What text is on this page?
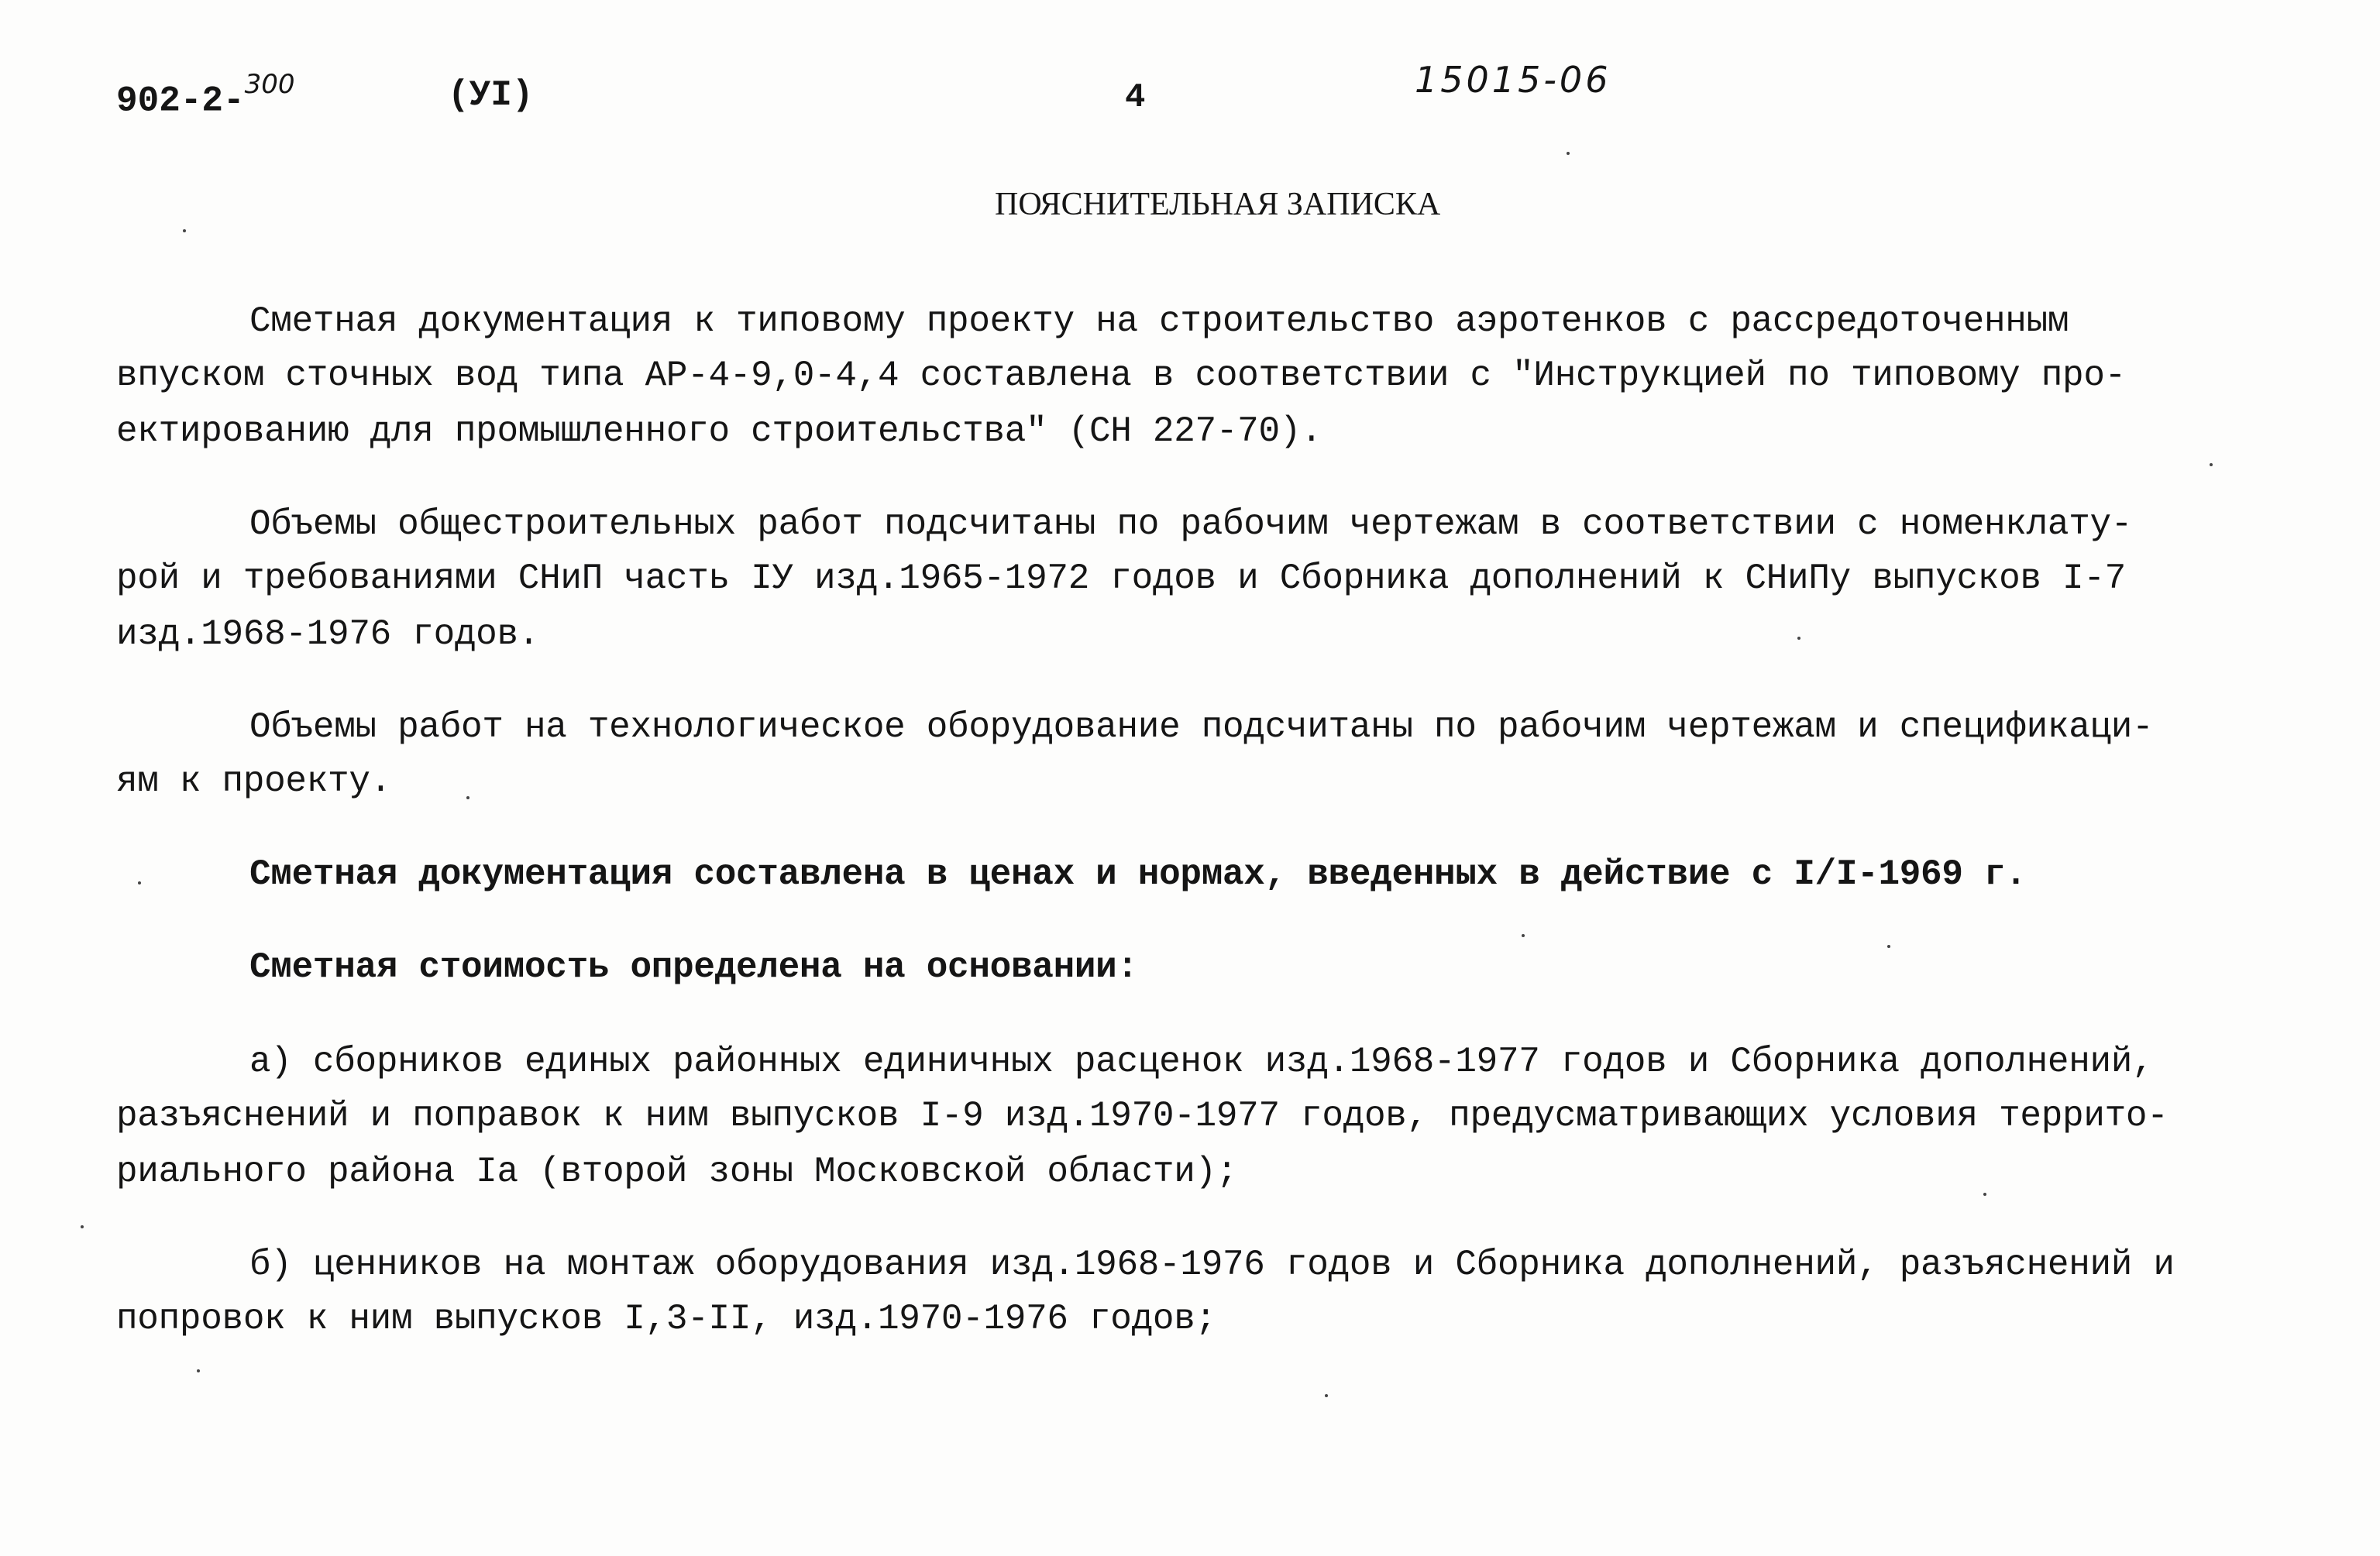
902-2-$^{300}$	(УI)	4	15015-06
ПОЯСНИТЕЛЬНАЯ ЗАПИСКА
Сметная документация к типовому проекту на строительство аэротенков с рассредоточенным
впуском сточных вод типа АР-4-9,0-4,4 составлена в соответствии с "Инструкцией по типовому про-
ектированию для промышленного строительства" (СН 227-70).
Объемы общестроительных работ подсчитаны по рабочим чертежам в соответствии с номенклату-
рой и требованиями СНиП часть IУ изд.1965-1972 годов и Сборника дополнений к СНиПу выпусков I-7
изд.1968-1976 годов.
Объемы работ на технологическое оборудование подсчитаны по рабочим чертежам и спецификаци-
ям к проекту.
Сметная документация составлена в ценах и нормах, введенных в действие с I/I-1969 г.
Сметная стоимость определена на основании:
а) сборников единых районных единичных расценок изд.1968-1977 годов и Сборника дополнений,
разъяснений и поправок к ним выпусков I-9 изд.1970-1977 годов, предусматривающих условия террито-
риального района Iа (второй зоны Московской области);
б) ценников на монтаж оборудования изд.1968-1976 годов и Сборника дополнений, разъяснений и
попровок к ним выпусков I,3-II, изд.1970-1976 годов;
